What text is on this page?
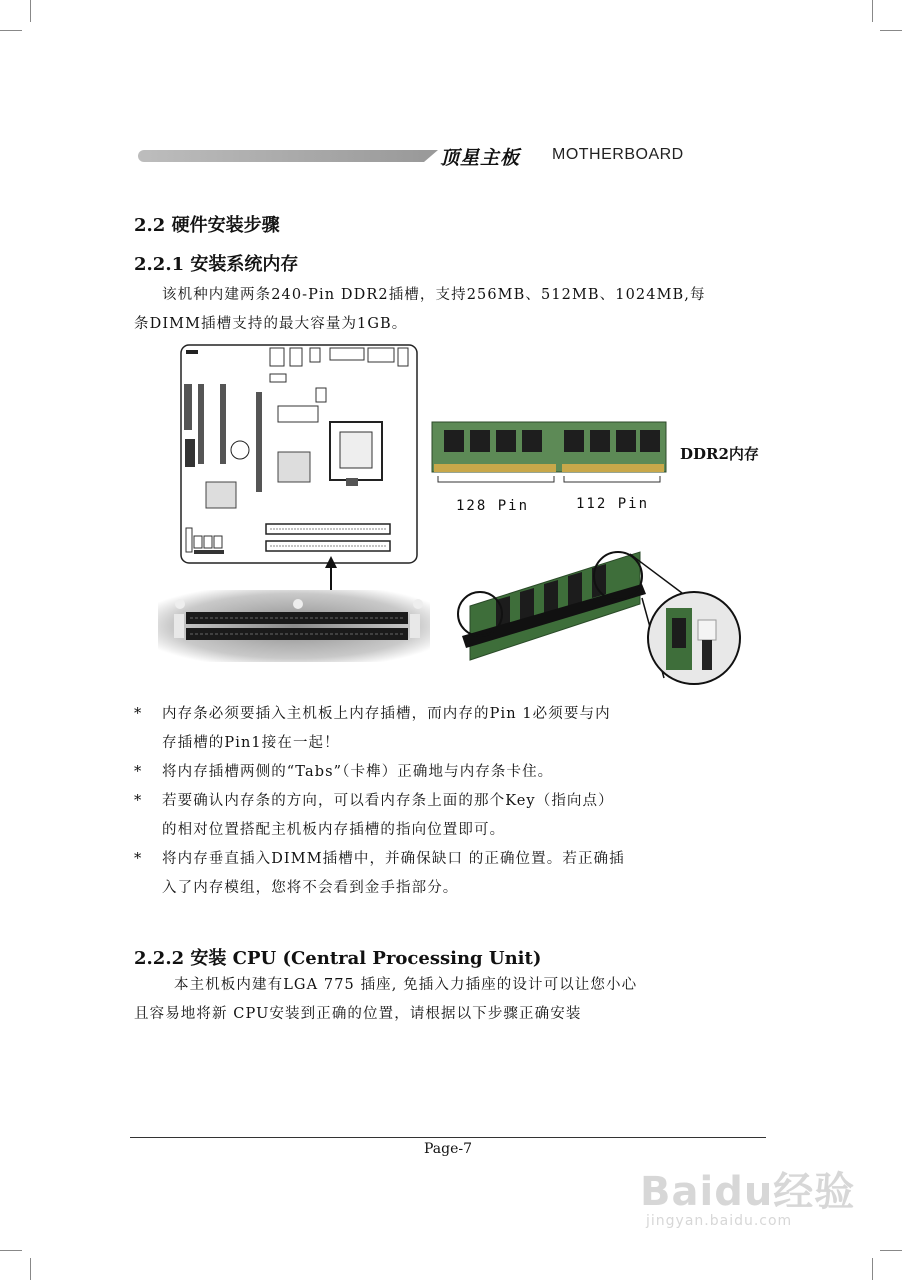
顶星主板 MOTHERBOARD
2.2 硬件安装步骤
2.2.1 安装系统内存
该机种内建两条240-Pin DDR2插槽，支持256MB、512MB、1024MB,每
条DIMM插槽支持的最大容量为1GB。
DDR2内存
128 Pin	112 Pin
*	内存条必须要插入主机板上内存插槽，而内存的Pin 1必须要与内
存插槽的Pin1接在一起！
*	将内存插槽两侧的“Tabs”（卡榫）正确地与内存条卡住。
*	若要确认内存条的方向，可以看内存条上面的那个Key（指向点）
的相对位置搭配主机板内存插槽的指向位置即可。
*	将内存垂直插入DIMM插槽中，并确保缺口 的正确位置。若正确插
入了内存模组，您将不会看到金手指部分。
2.2.2 安装 CPU (Central Processing Unit)
本主机板内建有LGA 775 插座, 免插入力插座的设计可以让您小心
且容易地将新 CPU安装到正确的位置，请根据以下步骤正确安装
Page-7
Baidu经验
jingyan.baidu.com
